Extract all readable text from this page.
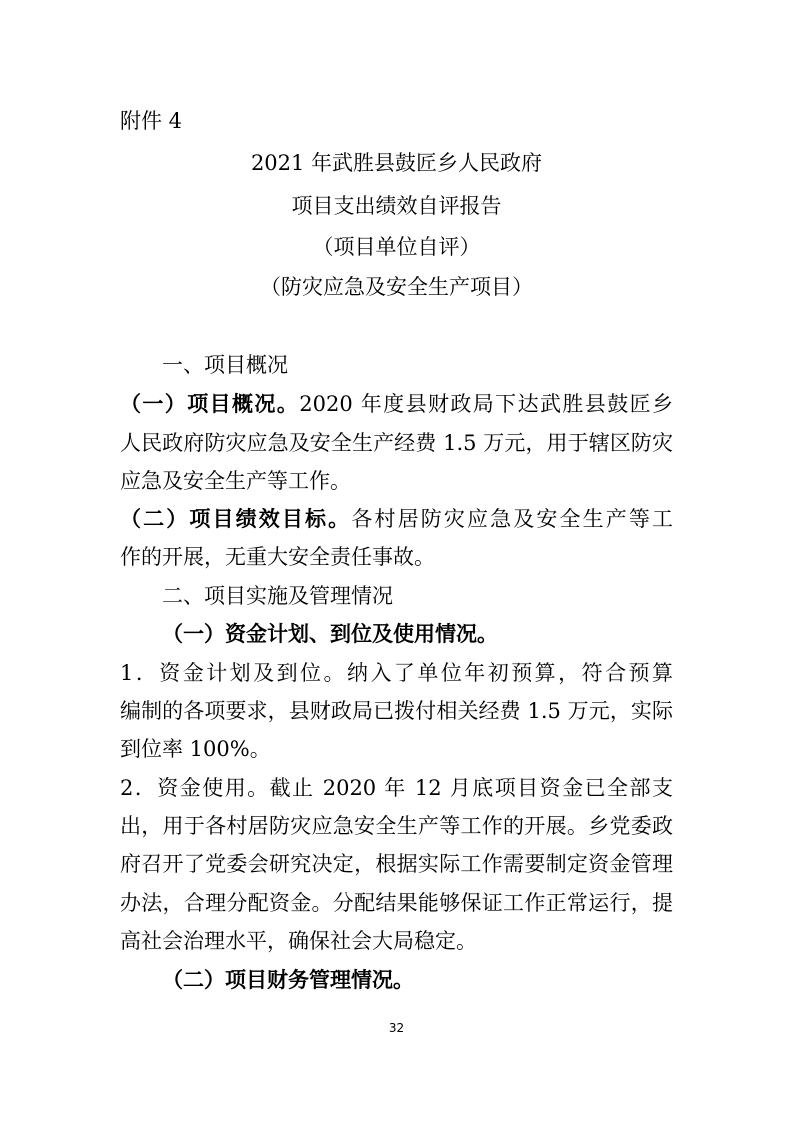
附件 4
2021 年武胜县鼓匠乡人民政府
项目支出绩效自评报告
（项目单位自评）
（防灾应急及安全生产项目）
一、项目概况
（一）项目概况。2020 年度县财政局下达武胜县鼓匠乡
人民政府防灾应急及安全生产经费 1.5 万元，用于辖区防灾
应急及安全生产等工作。
（二）项目绩效目标。各村居防灾应急及安全生产等工
作的开展，无重大安全责任事故。
二、项目实施及管理情况
（一）资金计划、到位及使用情况。
1．资金计划及到位。纳入了单位年初预算，符合预算
编制的各项要求，县财政局已拨付相关经费 1.5 万元，实际
到位率 100%。
2．资金使用。截止 2020 年 12 月底项目资金已全部支
出，用于各村居防灾应急安全生产等工作的开展。乡党委政
府召开了党委会研究决定，根据实际工作需要制定资金管理
办法，合理分配资金。分配结果能够保证工作正常运行，提
高社会治理水平，确保社会大局稳定。
（二）项目财务管理情况。
32
